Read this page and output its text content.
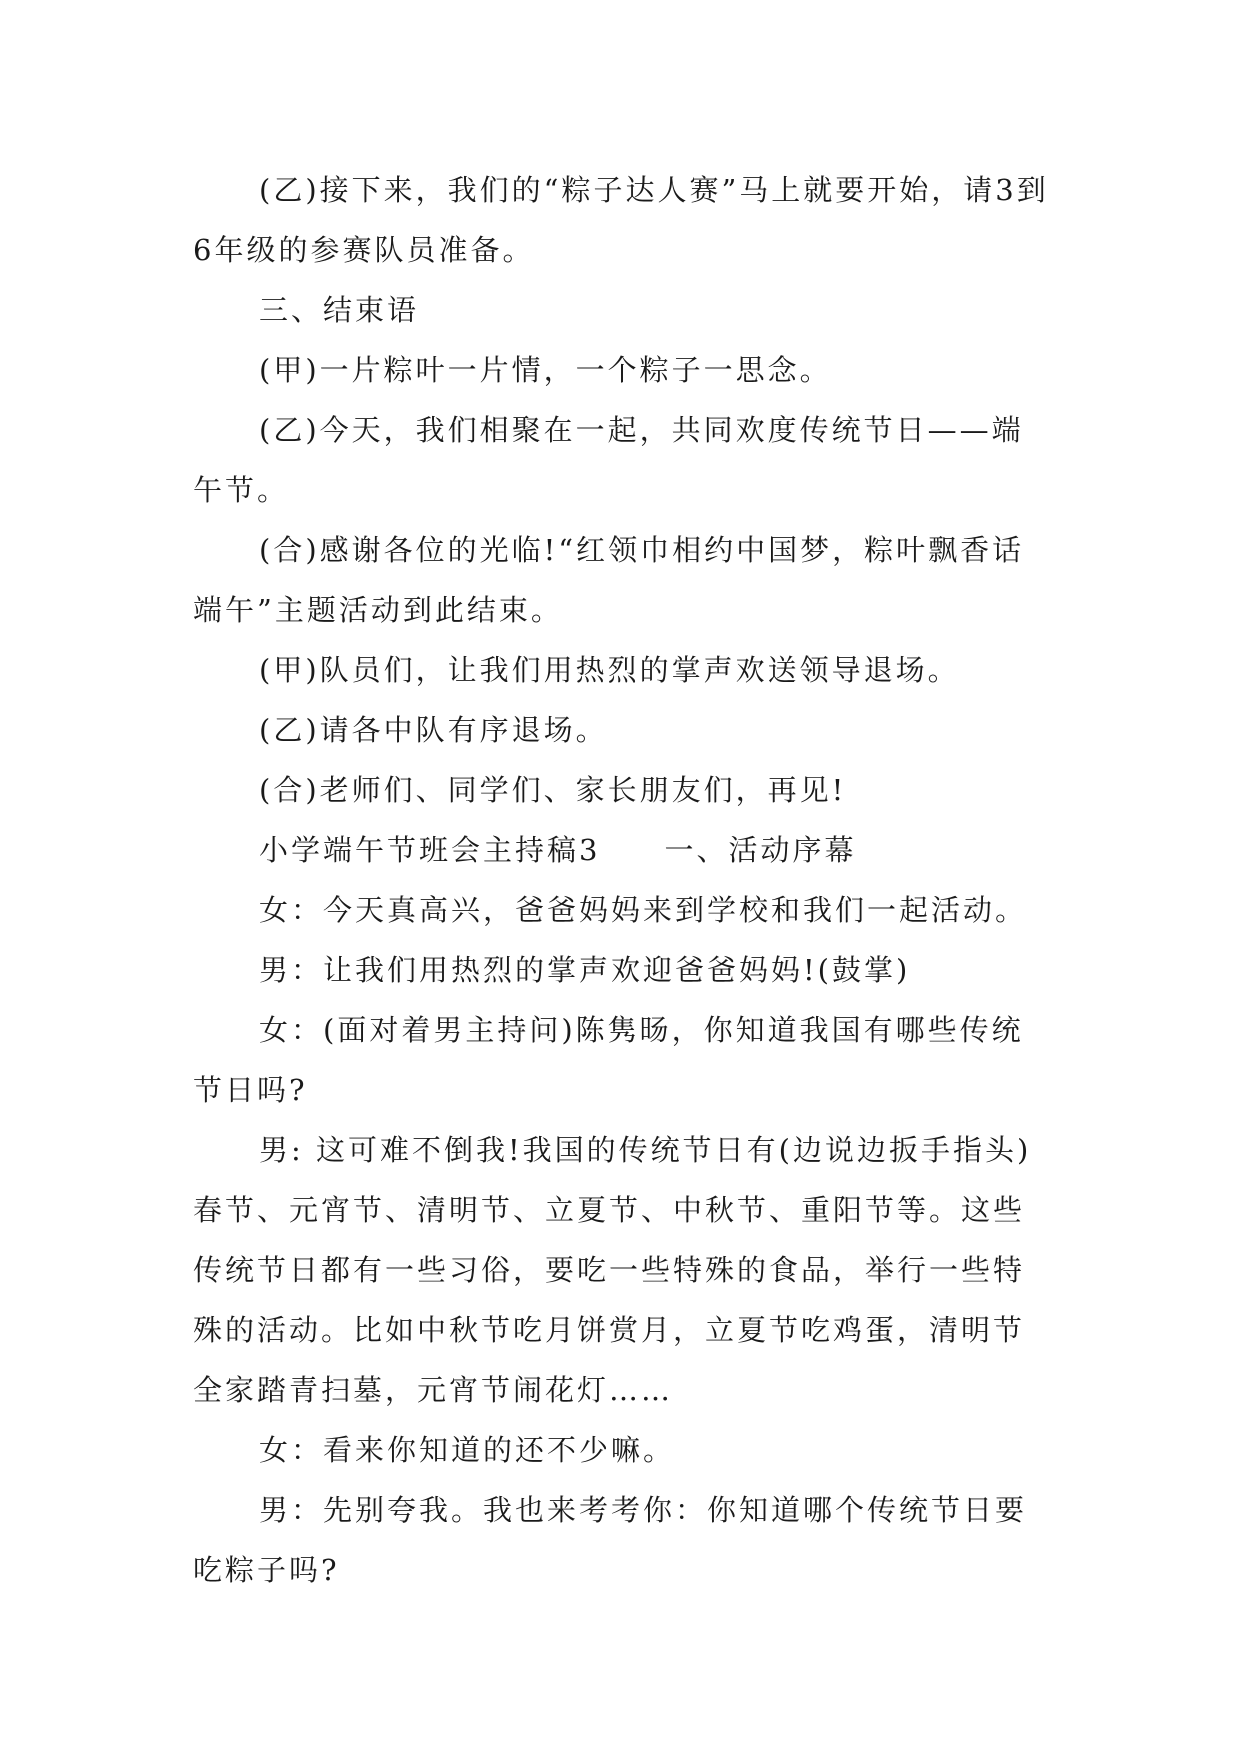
(乙)接下来，我们的“粽子达人赛”马上就要开始，请3到6年级的参赛队员准备。

三、结束语

(甲)一片粽叶一片情，一个粽子一思念。

(乙)今天，我们相聚在一起，共同欢度传统节日——端午节。

(合)感谢各位的光临!“红领巾相约中国梦，粽叶飘香话端午”主题活动到此结束。

(甲)队员们，让我们用热烈的掌声欢送领导退场。

(乙)请各中队有序退场。

(合)老师们、同学们、家长朋友们，再见!

小学端午节班会主持稿3　　一、活动序幕

女：今天真高兴，爸爸妈妈来到学校和我们一起活动。

男：让我们用热烈的掌声欢迎爸爸妈妈!(鼓掌)

女：(面对着男主持问)陈隽旸，你知道我国有哪些传统节日吗?

男: 这可难不倒我!我国的传统节日有(边说边扳手指头)春节、元宵节、清明节、立夏节、中秋节、重阳节等。这些传统节日都有一些习俗，要吃一些特殊的食品，举行一些特殊的活动。比如中秋节吃月饼赏月，立夏节吃鸡蛋，清明节全家踏青扫墓，元宵节闹花灯……

女：看来你知道的还不少嘛。

男：先别夸我。我也来考考你：你知道哪个传统节日要吃粽子吗?
